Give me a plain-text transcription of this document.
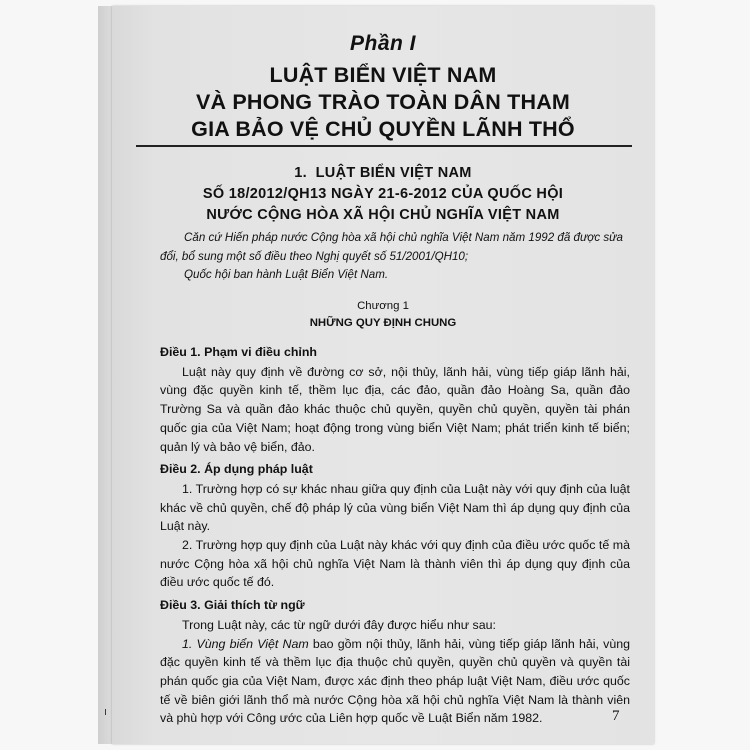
Phần I
LUẬT BIỂN VIỆT NAM
VÀ PHONG TRÀO TOÀN DÂN THAM
GIA BẢO VỆ CHỦ QUYỀN LÃNH THỔ
1.  LUẬT BIỂN VIỆT NAM
SỐ 18/2012/QH13 NGÀY 21-6-2012 CỦA QUỐC HỘI
NƯỚC CỘNG HÒA XÃ HỘI CHỦ NGHĨA VIỆT NAM

Căn cứ Hiến pháp nước Cộng hòa xã hội chủ nghĩa Việt Nam năm 1992 đã được sửa đổi, bổ sung một số điều theo Nghị quyết số 51/2001/QH10;

Quốc hội ban hành Luật Biển Việt Nam.

Chương 1
NHỮNG QUY ĐỊNH CHUNG

Điều 1. Phạm vi điều chỉnh

Luật này quy định về đường cơ sở, nội thủy, lãnh hải, vùng tiếp giáp lãnh hải, vùng đặc quyền kinh tế, thềm lục địa, các đảo, quần đảo Hoàng Sa, quần đảo Trường Sa và quần đảo khác thuộc chủ quyền, quyền chủ quyền, quyền tài phán quốc gia của Việt Nam; hoạt động trong vùng biển Việt Nam; phát triển kinh tế biển; quản lý và bảo vệ biển, đảo.

Điều 2. Áp dụng pháp luật

1. Trường hợp có sự khác nhau giữa quy định của Luật này với quy định của luật khác về chủ quyền, chế độ pháp lý của vùng biển Việt Nam thì áp dụng quy định của Luật này.

2. Trường hợp quy định của Luật này khác với quy định của điều ước quốc tế mà nước Cộng hòa xã hội chủ nghĩa Việt Nam là thành viên thì áp dụng quy định của điều ước quốc tế đó.

Điều 3. Giải thích từ ngữ

Trong Luật này, các từ ngữ dưới đây được hiểu như sau:

1. Vùng biển Việt Nam bao gồm nội thủy, lãnh hải, vùng tiếp giáp lãnh hải, vùng đặc quyền kinh tế và thềm lục địa thuộc chủ quyền, quyền chủ quyền và quyền tài phán quốc gia của Việt Nam, được xác định theo pháp luật Việt Nam, điều ước quốc tế về biên giới lãnh thổ mà nước Cộng hòa xã hội chủ nghĩa Việt Nam là thành viên và phù hợp với Công ước của Liên hợp quốc về Luật Biển năm 1982.	7
ı
